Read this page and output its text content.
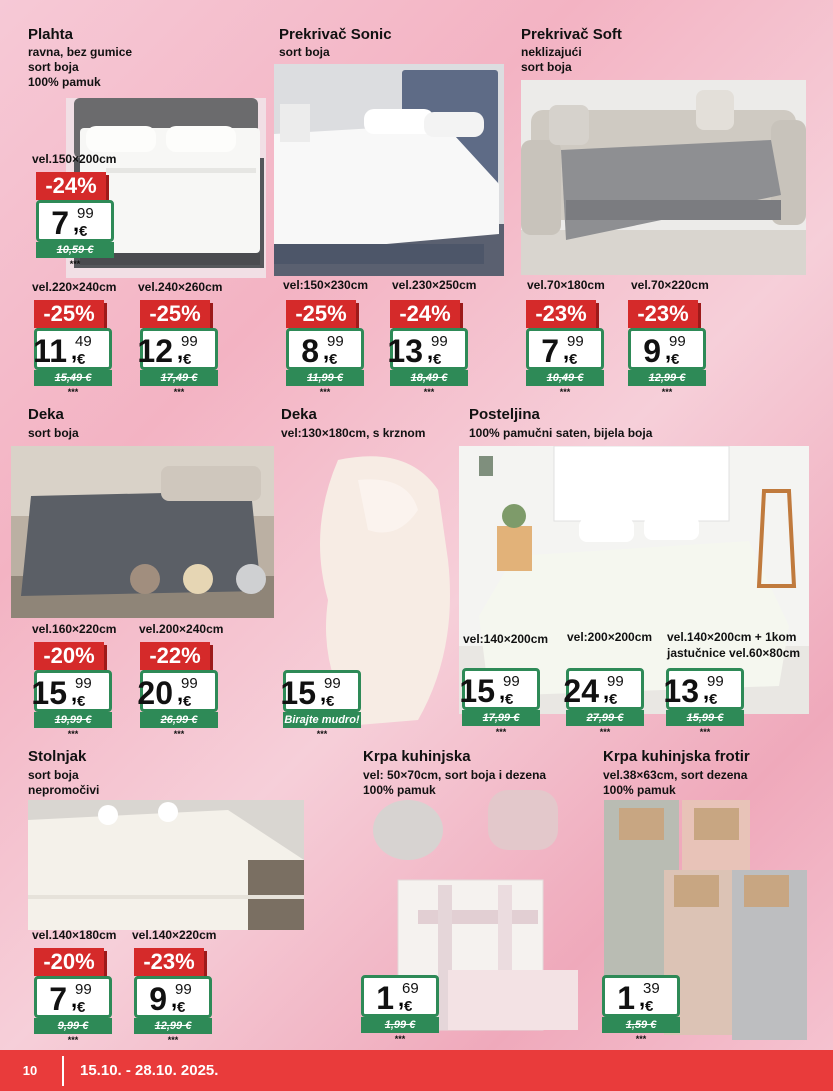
Plahta
ravna, bez gumice
sort boja
100% pamuk
vel.150×200cm
-24%
7 99
€
,
10,59 €
***
vel.220×240cm vel.240×260cm
-25%
11 49
€
,
15,49 €
***
-25%
12 99
€
,
17,49 €
***
Prekrivač Sonic
sort boja
vel:150×230cm vel.230×250cm
-25%
8 99
€
,
11,99 €
***
-24%
13 99
€
,
18,49 €
***
Prekrivač Soft
neklizajući
sort boja
vel.70×180cm vel.70×220cm
-23%
7 99
€
,
10,49 €
***
-23%
9 99
€
,
12,99 €
***
Deka
sort boja
vel.160×220cm vel.200×240cm
-20%
15 99
€
,
19,99 €
***
-22%
20 99
€
,
26,99 €
***
Deka
vel:130×180cm, s krznom
15 99
€
,
Birajte mudro!
***
Posteljina
100% pamučni saten, bijela boja
vel:140×200cm vel:200×200cm vel.140×200cm + 1kom
jastučnice vel.60×80cm
15 99
€
,
17,99 €
***
24 99
€
,
27,99 €
***
13 99
€
,
15,99 €
***
Stolnjak
sort boja
nepromočivi
vel.140×180cm vel.140×220cm
-20%
7 99
€
,
9,99 €
***
-23%
9 99
€
,
12,99 €
***
Krpa kuhinjska
vel: 50×70cm, sort boja i dezena
100% pamuk
1 69
€
,
1,99 €
***
Krpa kuhinjska frotir
vel.38×63cm, sort dezena
100% pamuk
1 39
€
,
1,59 €
***
10	15.10. - 28.10. 2025.
